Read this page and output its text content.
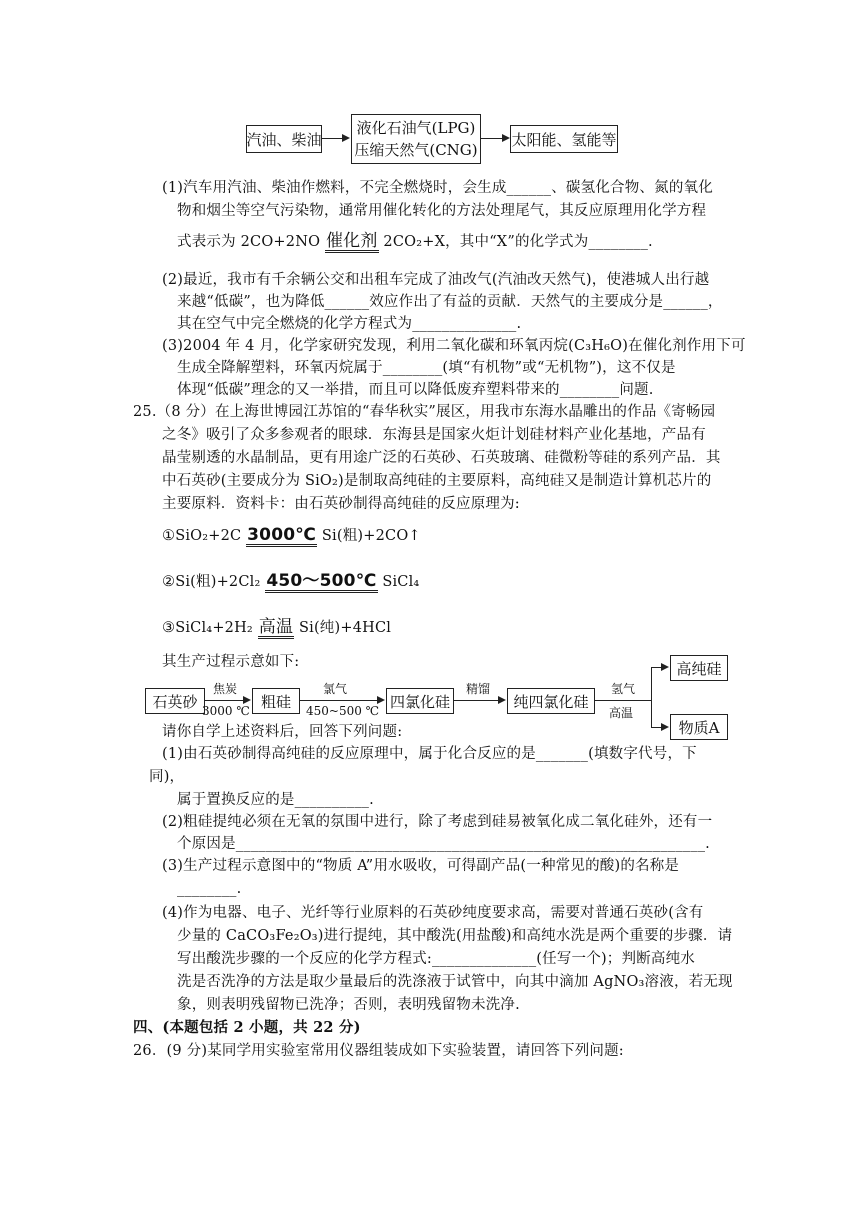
汽油、柴油
液化石油气(LPG)
压缩天然气(CNG)
太阳能、氢能等
(1)汽车用汽油、柴油作燃料，不完全燃烧时，会生成______、碳氢化合物、氮的氧化
物和烟尘等空气污染物，通常用催化转化的方法处理尾气，其反应原理用化学方程
式表示为 2CO+2NO 催化剂 2CO₂+X，其中“X”的化学式为________.
(2)最近，我市有千余辆公交和出租车完成了油改气(汽油改天然气)，使港城人出行越
来越“低碳”，也为降低______效应作出了有益的贡献．天然气的主要成分是______，
其在空气中完全燃烧的化学方程式为______________.
(3)2004 年 4 月，化学家研究发现，利用二氧化碳和环氧丙烷(C₃H₆O)在催化剂作用下可
生成全降解塑料，环氧丙烷属于________(填“有机物”或“无机物”)，这不仅是
体现“低碳”理念的又一举措，而且可以降低废弃塑料带来的________问题.
25.（8 分）在上海世博园江苏馆的“春华秋实”展区，用我市东海水晶雕出的作品《寄畅园
之冬》吸引了众多参观者的眼球．东海县是国家火炬计划硅材料产业化基地，产品有
晶莹剔透的水晶制品，更有用途广泛的石英砂、石英玻璃、硅微粉等硅的系列产品．其
中石英砂(主要成分为 SiO₂)是制取高纯硅的主要原料，高纯硅又是制造计算机芯片的
主要原料．资料卡：由石英砂制得高纯硅的反应原理为:
①SiO₂+2C 3000℃ Si(粗)+2CO↑
②Si(粗)+2Cl₂ 450～500℃ SiCl₄
③SiCl₄+2H₂ 高温 Si(纯)+4HCl
其生产过程示意如下:
石英砂
焦炭
3000 ℃
粗硅
氯气
450~500 ℃
四氯化硅
精馏
纯四氯化硅
氢气
高温
高纯硅
物质A
请你自学上述资料后，回答下列问题:
(1)由石英砂制得高纯硅的反应原理中，属于化合反应的是_______(填数字代号，下
同)，
属于置换反应的是__________.
(2)粗硅提纯必须在无氧的氛围中进行，除了考虑到硅易被氧化成二氧化硅外，还有一
个原因是_______________________________________________________________.
(3)生产过程示意图中的“物质 A”用水吸收，可得副产品(一种常见的酸)的名称是
________.
(4)作为电器、电子、光纤等行业原料的石英砂纯度要求高，需要对普通石英砂(含有
少量的 CaCO₃Fe₂O₃)进行提纯，其中酸洗(用盐酸)和高纯水洗是两个重要的步骤．请
写出酸洗步骤的一个反应的化学方程式:______________(任写一个)；判断高纯水
洗是否洗净的方法是取少量最后的洗涤液于试管中，向其中滴加 AgNO₃溶液，若无现
象，则表明残留物已洗净；否则，表明残留物未洗净.
四、(本题包括 2 小题，共 22 分)
26．(9 分)某同学用实验室常用仪器组装成如下实验装置，请回答下列问题:
